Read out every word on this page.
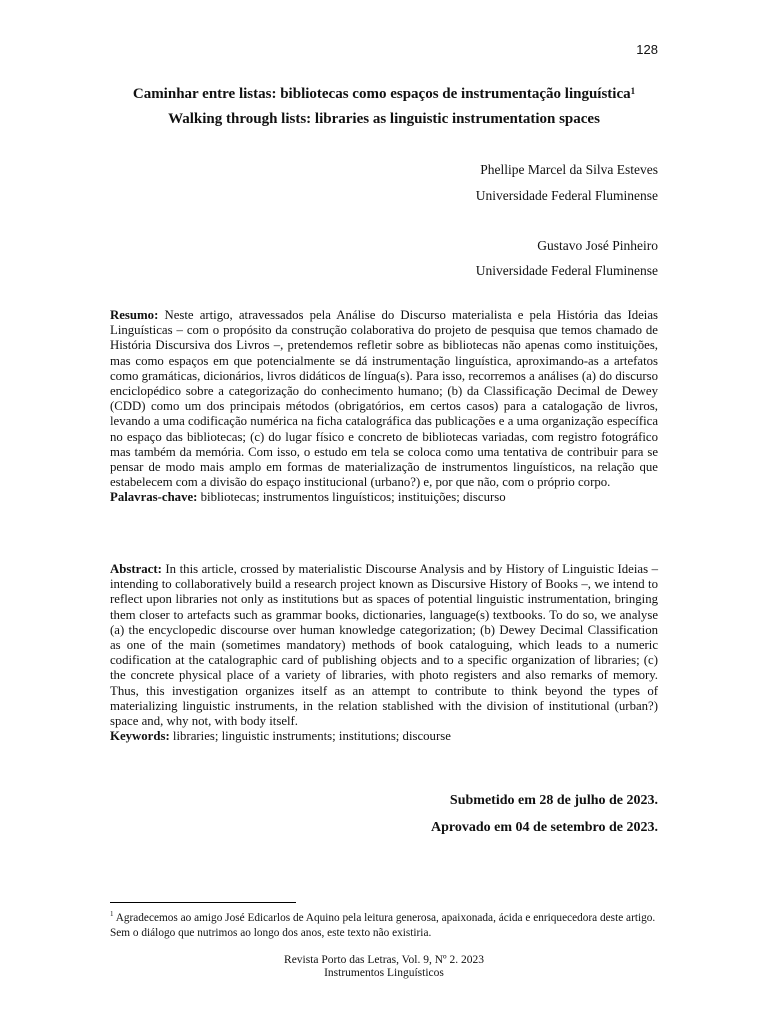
128
Caminhar entre listas: bibliotecas como espaços de instrumentação linguística$^1$
Walking through lists: libraries as linguistic instrumentation spaces
Phellipe Marcel da Silva Esteves
Universidade Federal Fluminense
Gustavo José Pinheiro
Universidade Federal Fluminense
Resumo: Neste artigo, atravessados pela Análise do Discurso materialista e pela História das Ideias Linguísticas – com o propósito da construção colaborativa do projeto de pesquisa que temos chamado de História Discursiva dos Livros –, pretendemos refletir sobre as bibliotecas não apenas como instituições, mas como espaços em que potencialmente se dá instrumentação linguística, aproximando-as a artefatos como gramáticas, dicionários, livros didáticos de língua(s). Para isso, recorremos a análises (a) do discurso enciclopédico sobre a categorização do conhecimento humano; (b) da Classificação Decimal de Dewey (CDD) como um dos principais métodos (obrigatórios, em certos casos) para a catalogação de livros, levando a uma codificação numérica na ficha catalográfica das publicações e a uma organização específica no espaço das bibliotecas; (c) do lugar físico e concreto de bibliotecas variadas, com registro fotográfico mas também da memória. Com isso, o estudo em tela se coloca como uma tentativa de contribuir para se pensar de modo mais amplo em formas de materialização de instrumentos linguísticos, na relação que estabelecem com a divisão do espaço institucional (urbano?) e, por que não, com o próprio corpo.
Palavras-chave: bibliotecas; instrumentos linguísticos; instituições; discurso
Abstract: In this article, crossed by materialistic Discourse Analysis and by History of Linguistic Ideias – intending to collaboratively build a research project known as Discursive History of Books –, we intend to reflect upon libraries not only as institutions but as spaces of potential linguistic instrumentation, bringing them closer to artefacts such as grammar books, dictionaries, language(s) textbooks. To do so, we analyse (a) the encyclopedic discourse over human knowledge categorization; (b) Dewey Decimal Classification as one of the main (sometimes mandatory) methods of book cataloguing, which leads to a numeric codification at the catalographic card of publishing objects and to a specific organization of libraries; (c) the concrete physical place of a variety of libraries, with photo registers and also remarks of memory. Thus, this investigation organizes itself as an attempt to contribute to think beyond the types of materializing linguistic instruments, in the relation stablished with the division of institutional (urban?) space and, why not, with body itself.
Keywords: libraries; linguistic instruments; institutions; discourse
Submetido em 28 de julho de 2023.
Aprovado em 04 de setembro de 2023.
$^1$ Agradecemos ao amigo José Edicarlos de Aquino pela leitura generosa, apaixonada, ácida e enriquecedora deste artigo. Sem o diálogo que nutrimos ao longo dos anos, este texto não existiria.
Revista Porto das Letras, Vol. 9, Nº 2. 2023
Instrumentos Linguísticos
